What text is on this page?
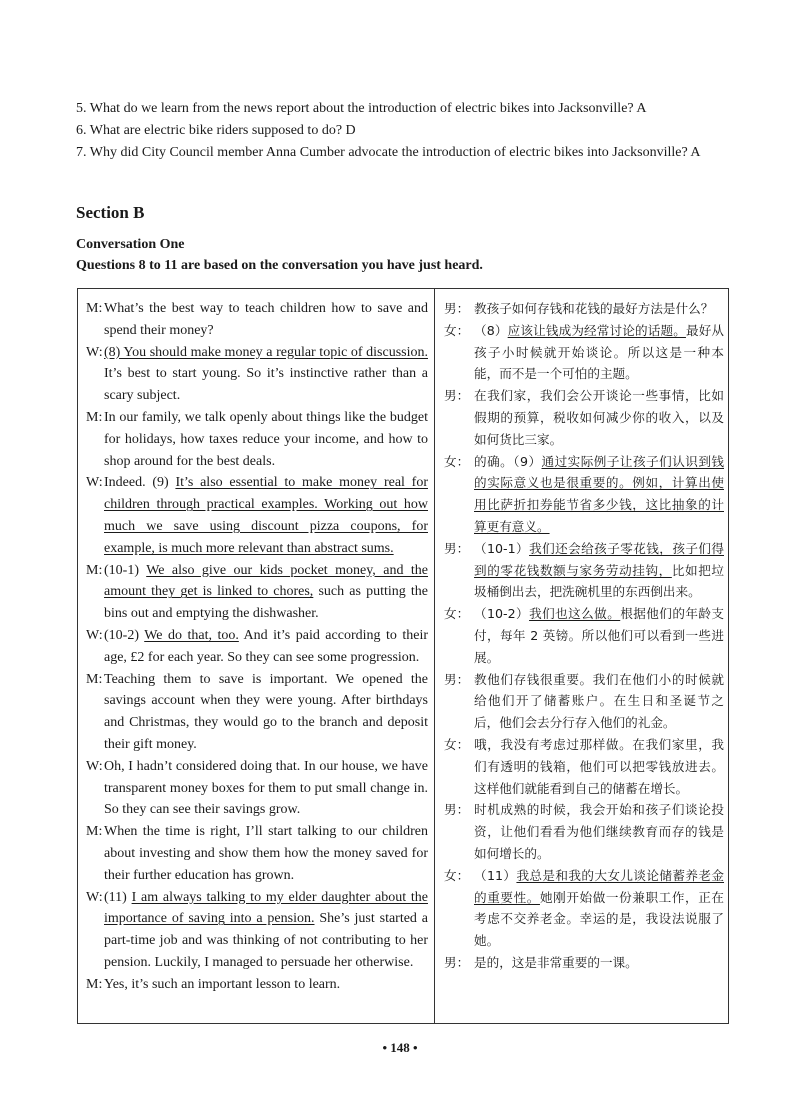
5. What do we learn from the news report about the introduction of electric bikes into Jacksonville? A
6. What are electric bike riders supposed to do? D
7. Why did City Council member Anna Cumber advocate the introduction of electric bikes into Jacksonville? A
Section B
Conversation One
Questions 8 to 11 are based on the conversation you have just heard.
M: What’s the best way to teach children how to save and spend their money?
W: (8) You should make money a regular topic of discussion. It’s best to start young. So it’s instinctive rather than a scary subject.
M: In our family, we talk openly about things like the budget for holidays, how taxes reduce your income, and how to shop around for the best deals.
W: Indeed. (9) It’s also essential to make money real for children through practical examples. Working out how much we save using discount pizza coupons, for example, is much more relevant than abstract sums.
M: (10-1) We also give our kids pocket money, and the amount they get is linked to chores, such as putting the bins out and emptying the dishwasher.
W: (10-2) We do that, too. And it’s paid according to their age, £2 for each year. So they can see some progression.
M: Teaching them to save is important. We opened the savings account when they were young. After birthdays and Christmas, they would go to the branch and deposit their gift money.
W: Oh, I hadn’t considered doing that. In our house, we have transparent money boxes for them to put small change in. So they can see their savings grow.
M: When the time is right, I’ll start talking to our children about investing and show them how the money saved for their further education has grown.
W: (11) I am always talking to my elder daughter about the importance of saving into a pension. She’s just started a part-time job and was thinking of not contributing to her pension. Luckily, I managed to persuade her otherwise.
M: Yes, it’s such an important lesson to learn.
男： 教孩子如何存钱和花钱的最好方法是什么？
女： （8）应该让钱成为经常讨论的话题。最好从孩子小时候就开始谈论。所以这是一种本能，而不是一个可怕的主题。
男： 在我们家，我们会公开谈论一些事情，比如假期的预算，税收如何减少你的收入，以及如何货比三家。
女： 的确。（9）通过实际例子让孩子们认识到钱的实际意义也是很重要的。例如，计算出使用比萨折扣券能节省多少钱，这比抽象的计算更有意义。
男： （10-1）我们还会给孩子零花钱，孩子们得到的零花钱数额与家务劳动挂钩，比如把垃圾桶倒出去，把洗碗机里的东西倒出来。
女： （10-2）我们也这么做。根据他们的年龄支付，每年 2 英镑。所以他们可以看到一些进展。
男： 教他们存钱很重要。我们在他们小的时候就给他们开了储蓄账户。在生日和圣诞节之后，他们会去分行存入他们的礼金。
女： 哦，我没有考虑过那样做。在我们家里，我们有透明的钱箱，他们可以把零钱放进去。这样他们就能看到自己的储蓄在增长。
男： 时机成熟的时候，我会开始和孩子们谈论投资，让他们看看为他们继续教育而存的钱是如何增长的。
女： （11）我总是和我的大女儿谈论储蓄养老金的重要性。她刚开始做一份兼职工作，正在考虑不交养老金。幸运的是，我设法说服了她。
男： 是的，这是非常重要的一课。
• 148 •
